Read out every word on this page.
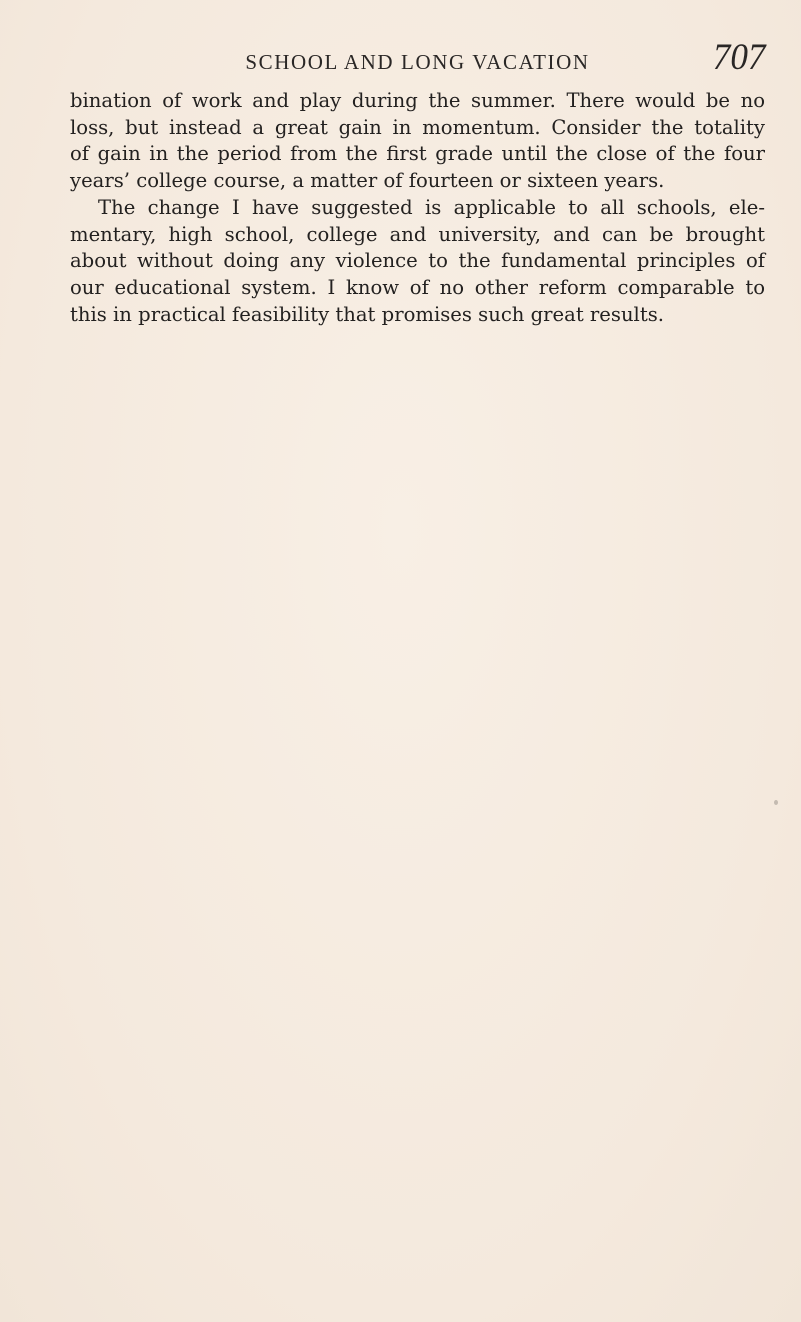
SCHOOL AND LONG VACATION	707

bination of work and play during the summer. There would be no
loss, but instead a great gain in momentum. Consider the totality
of gain in the period from the first grade until the close of the four
years’ college course, a matter of fourteen or sixteen years.

The change I have suggested is applicable to all schools, ele-
mentary, high school, college and university, and can be brought
about without doing any violence to the fundamental principles of
our educational system. I know of no other reform comparable to
this in practical feasibility that promises such great results.
